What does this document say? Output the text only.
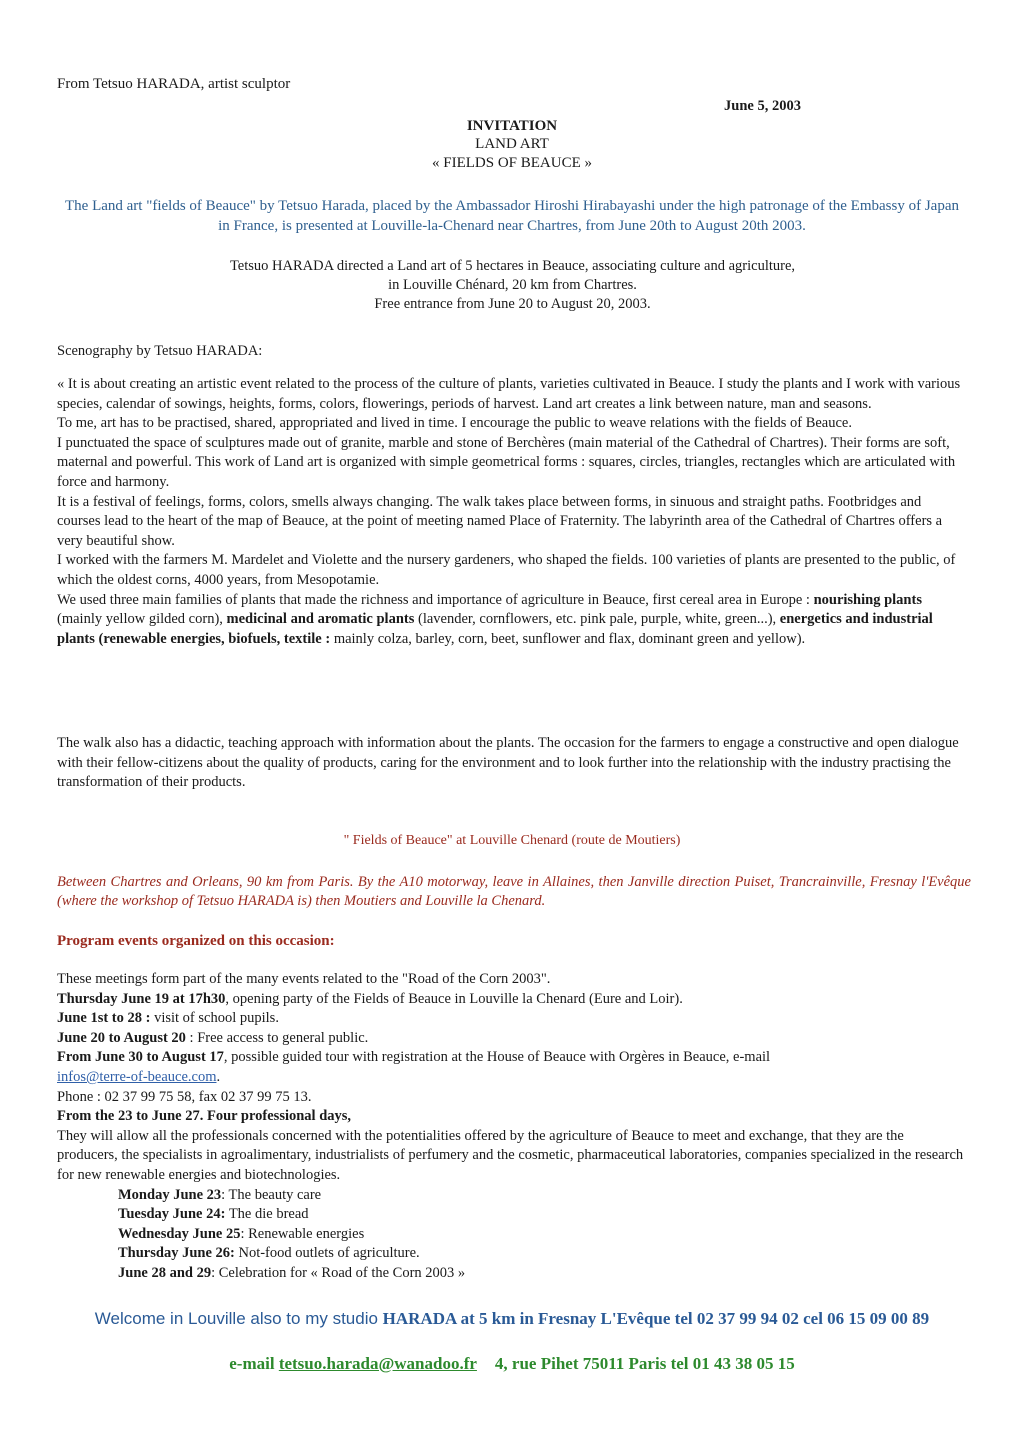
From Tetsuo HARADA, artist sculptor
June 5, 2003
INVITATION
LAND ART
« FIELDS OF BEAUCE »
The Land art "fields of Beauce" by Tetsuo Harada, placed by the Ambassador Hiroshi Hirabayashi under the high patronage of the Embassy of Japan in France, is presented at Louville-la-Chenard near Chartres, from June 20th to August 20th 2003.
Tetsuo HARADA directed a Land art of 5 hectares in Beauce, associating culture and agriculture,
in Louville Chénard, 20 km from Chartres.
Free entrance from June 20 to August 20, 2003.
Scenography by Tetsuo HARADA:

« It is about creating an artistic event related to the process of the culture of plants, varieties cultivated in Beauce. I study the plants and I work with various species, calendar of sowings, heights, forms, colors, flowerings, periods of harvest. Land art creates a link between nature, man and seasons.

To me, art has to be practised, shared, appropriated and lived in time. I encourage the public to weave relations with the fields of Beauce.

I punctuated the space of sculptures made out of granite, marble and stone of Berchères (main material of the Cathedral of Chartres). Their forms are soft, maternal and powerful. This work of Land art is organized with simple geometrical forms : squares, circles, triangles, rectangles which are articulated with force and harmony.

It is a festival of feelings, forms, colors, smells always changing. The walk takes place between forms, in sinuous and straight paths. Footbridges and courses lead to the heart of the map of Beauce, at the point of meeting named Place of Fraternity. The labyrinth area of the Cathedral of Chartres offers a very beautiful show.

I worked with the farmers M. Mardelet and Violette and the nursery gardeners, who shaped the fields. 100 varieties of plants are presented to the public, of which the oldest corns, 4000 years, from Mesopotamie.

We used three main families of plants that made the richness and importance of agriculture in Beauce, first cereal area in Europe : nourishing plants (mainly yellow gilded corn), medicinal and aromatic plants (lavender, cornflowers, etc. pink pale, purple, white, green...), energetics and industrial plants (renewable energies, biofuels, textile : mainly colza, barley, corn, beet, sunflower and flax, dominant green and yellow).

The walk also has a didactic, teaching approach with information about the plants. The occasion for the farmers to engage a constructive and open dialogue with their fellow-citizens about the quality of products, caring for the environment and to look further into the relationship with the industry practising the transformation of their products.
" Fields of Beauce" at Louville Chenard (route de Moutiers)
Between Chartres and Orleans, 90 km from Paris. By the A10 motorway, leave in Allaines, then Janville direction Puiset, Trancrainville, Fresnay l'Evêque (where the workshop of Tetsuo HARADA is) then Moutiers and Louville la Chenard.
Program events organized on this occasion:

These meetings form part of the many events related to the "Road of the Corn 2003".

Thursday June 19 at 17h30, opening party of the Fields of Beauce in Louville la Chenard (Eure and Loir).

June 1st to 28 : visit of school pupils.

June 20 to August 20 : Free access to general public.

From June 30 to August 17, possible guided tour with registration at the House of Beauce with Orgères in Beauce, e-mail
infos@terre-of-beauce.com.

Phone : 02 37 99 75 58, fax 02 37 99 75 13.

From the 23 to June 27. Four professional days,

They will allow all the professionals concerned with the potentialities offered by the agriculture of Beauce to meet and exchange, that they are the producers, the specialists in agroalimentary, industrialists of perfumery and the cosmetic, pharmaceutical laboratories, companies specialized in the research for new renewable energies and biotechnologies.

Monday June 23: The beauty care

Tuesday June 24: The die bread

Wednesday June 25: Renewable energies

Thursday June 26: Not-food outlets of agriculture.

June 28 and 29: Celebration for « Road of the Corn 2003 »

Welcome in Louville also to my studio HARADA at 5 km in Fresnay L'Evêque tel 02 37 99 94 02 cel 06 15 09 00 89
e-mail tetsuo.harada@wanadoo.fr 4, rue Pihet 75011 Paris tel 01 43 38 05 15
